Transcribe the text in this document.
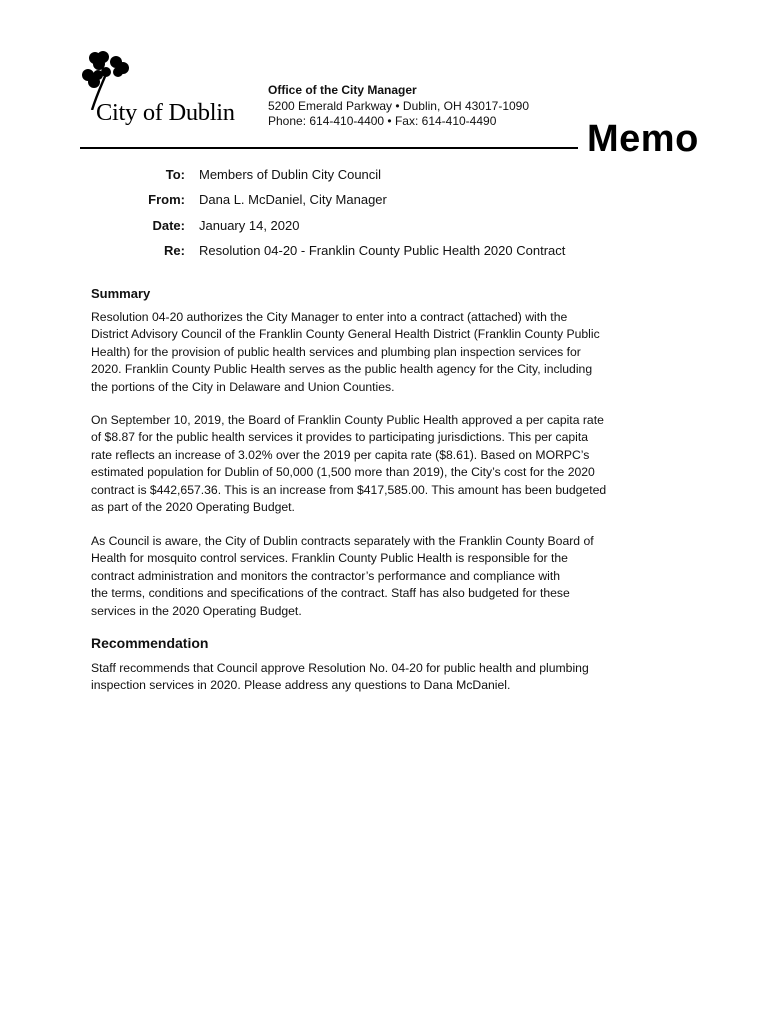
City of Dublin
Office of the City Manager
5200 Emerald Parkway • Dublin, OH 43017-1090
Phone: 614-410-4400 • Fax: 614-410-4490	Memo
To: Members of Dublin City Council
From: Dana L. McDaniel, City Manager
Date: January 14, 2020
Re: Resolution 04-20 - Franklin County Public Health 2020 Contract
Summary

Resolution 04-20 authorizes the City Manager to enter into a contract (attached) with the
District Advisory Council of the Franklin County General Health District (Franklin County Public
Health) for the provision of public health services and plumbing plan inspection services for
2020. Franklin County Public Health serves as the public health agency for the City, including
the portions of the City in Delaware and Union Counties.

On September 10, 2019, the Board of Franklin County Public Health approved a per capita rate
of $8.87 for the public health services it provides to participating jurisdictions. This per capita
rate reflects an increase of 3.02% over the 2019 per capita rate ($8.61). Based on MORPC’s
estimated population for Dublin of 50,000 (1,500 more than 2019), the City’s cost for the 2020
contract is $442,657.36. This is an increase from $417,585.00. This amount has been budgeted
as part of the 2020 Operating Budget.

As Council is aware, the City of Dublin contracts separately with the Franklin County Board of
Health for mosquito control services. Franklin County Public Health is responsible for the
contract administration and monitors the contractor’s performance and compliance with
the terms, conditions and specifications of the contract. Staff has also budgeted for these
services in the 2020 Operating Budget.

Recommendation

Staff recommends that Council approve Resolution No. 04-20 for public health and plumbing
inspection services in 2020. Please address any questions to Dana McDaniel.
